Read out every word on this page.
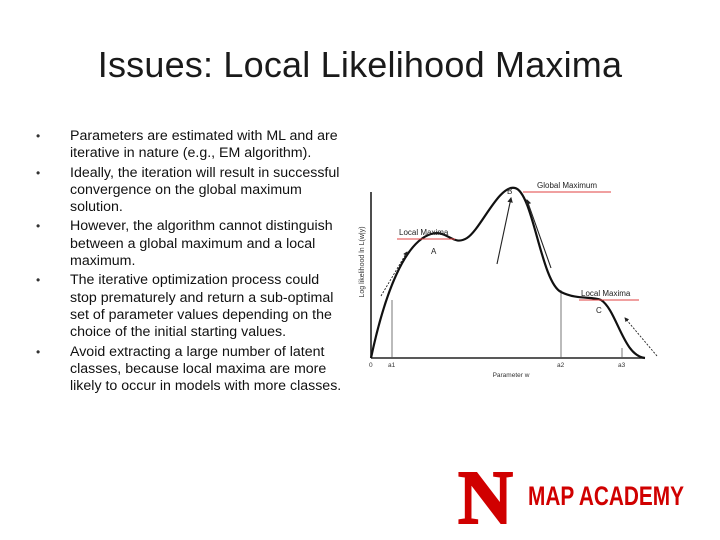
Issues: Local Likelihood Maxima
• Parameters are estimated with ML and are iterative in nature (e.g., EM algorithm).
• Ideally, the iteration will result in successful convergence on the global maximum solution.
• However, the algorithm cannot distinguish between a global maximum and a local maximum.
• The iterative optimization process could stop prematurely and return a sub-optimal set of parameter values depending on the choice of the initial starting values.
• Avoid extracting a large number of latent classes, because local maxima are more likely to occur in models with more classes.
Log likelihood ln L(w|y)	A
B
C
Global Maximum
Local Maxima
Local Maxima
0 a1	a2	a3
Parameter w
N MAP ACADEMY
